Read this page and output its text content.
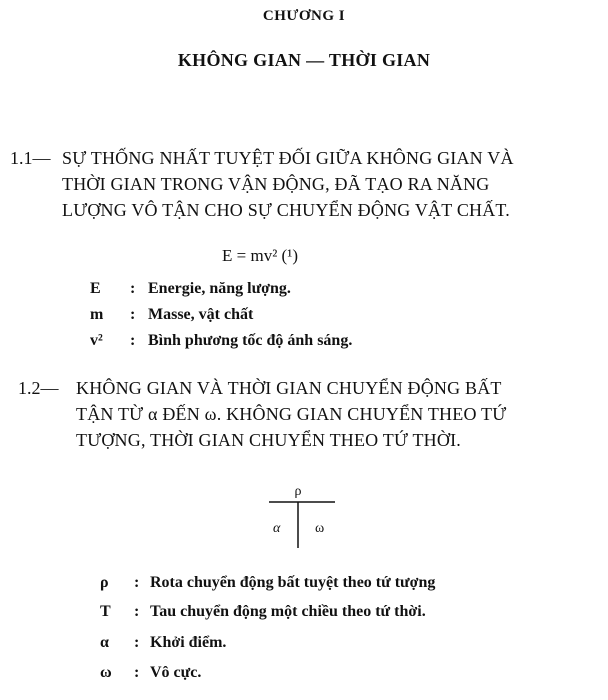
CHƯƠNG I
KHÔNG GIAN — THỜI GIAN
1.1— SỰ THỐNG NHẤT TUYỆT ĐỐI GIỮA KHÔNG GIAN VÀ
THỜI GIAN TRONG VẬN ĐỘNG, ĐÃ TẠO RA NĂNG
LƯỢNG VÔ TẬN CHO SỰ CHUYỂN ĐỘNG VẬT CHẤT.
E = mv² (¹)
E : Energie, năng lượng.
m : Masse, vật chất
v² : Bình phương tốc độ ánh sáng.
1.2— KHÔNG GIAN VÀ THỜI GIAN CHUYỂN ĐỘNG BẤT
TẬN TỪ α ĐẾN ω. KHÔNG GIAN CHUYỂN THEO TỨ
TƯỢNG, THỜI GIAN CHUYỂN THEO TỨ THỜI.
ρ
α ω
ρ : Rota chuyển động bất tuyệt theo tứ tượng
T : Tau chuyển động một chiều theo tứ thời.
α : Khởi điểm.
ω : Vô cực.
